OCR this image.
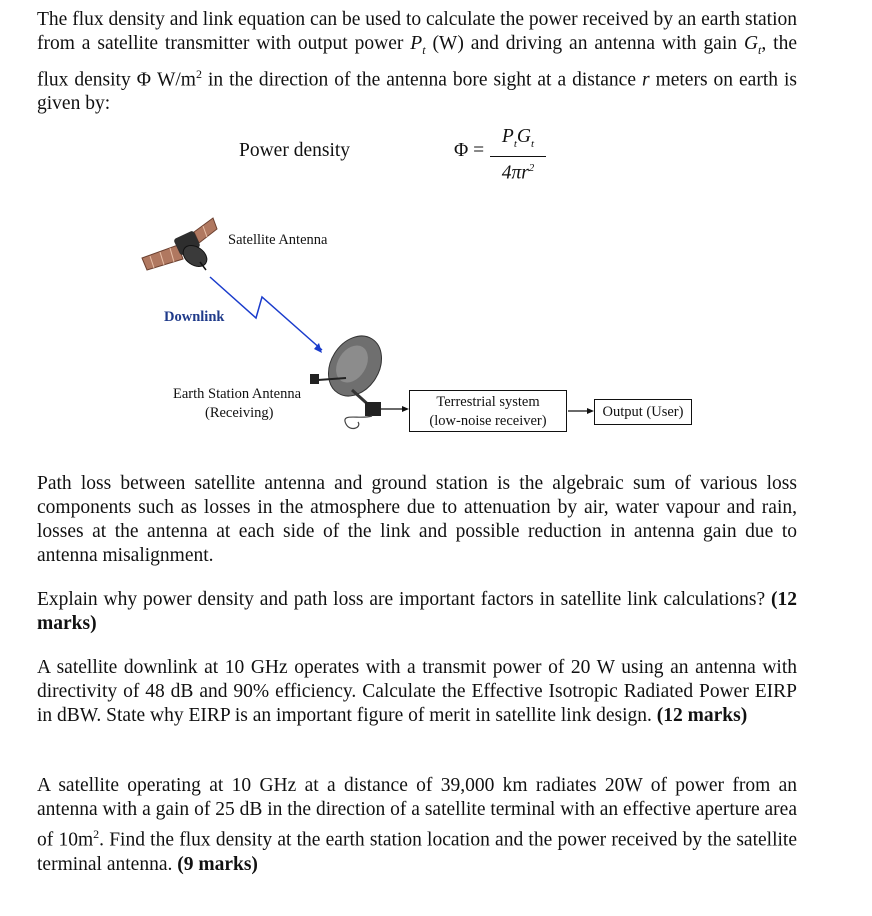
The flux density and link equation can be used to calculate the power received by an earth station from a satellite transmitter with output power $P_t$ (W) and driving an antenna with gain $G_t$, the flux density Φ $W/m^2$ in the direction of the antenna bore sight at a distance r meters on earth is given by:
Power density	Φ =
$P_tG_t$
$4\pi r^2$
Satellite Antenna
Downlink
Earth Station Antenna
(Receiving)
Terrestrial system
(low-noise receiver)
Output (User)
Path loss between satellite antenna and ground station is the algebraic sum of various loss components such as losses in the atmosphere due to attenuation by air, water vapour and rain, losses at the antenna at each side of the link and possible reduction in antenna gain due to antenna misalignment.
Explain why power density and path loss are important factors in satellite link calculations? (12 marks)
A satellite downlink at 10 GHz operates with a transmit power of 20 W using an antenna with directivity of 48 dB and 90% efficiency. Calculate the Effective Isotropic Radiated Power EIRP in dBW. State why EIRP is an important figure of merit in satellite link design. (12 marks)
A satellite operating at 10 GHz at a distance of 39,000 km radiates 20W of power from an antenna with a gain of 25 dB in the direction of a satellite terminal with an effective aperture area of $10m^2$. Find the flux density at the earth station location and the power received by the satellite terminal antenna. (9 marks)
